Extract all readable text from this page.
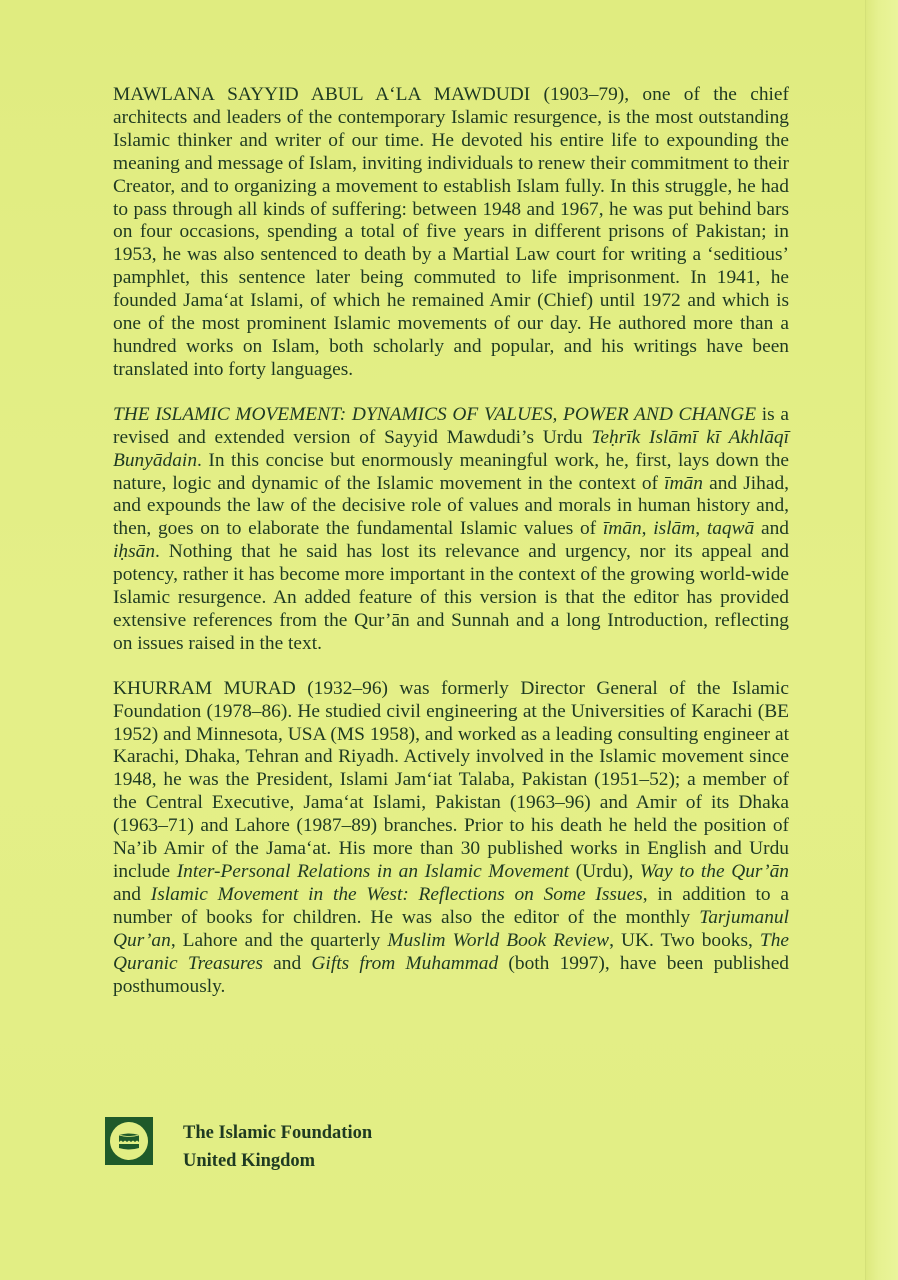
MAWLANA SAYYID ABUL A‘LA MAWDUDI (1903–79), one of the chief architects and leaders of the contemporary Islamic resurgence, is the most outstanding Islamic thinker and writer of our time. He devoted his entire life to expounding the meaning and message of Islam, inviting individuals to renew their commitment to their Creator, and to organizing a movement to establish Islam fully. In this struggle, he had to pass through all kinds of suffering: between 1948 and 1967, he was put behind bars on four occasions, spending a total of five years in different prisons of Pakistan; in 1953, he was also sentenced to death by a Martial Law court for writing a ‘seditious’ pamphlet, this sentence later being commuted to life imprisonment. In 1941, he founded Jama‘at Islami, of which he remained Amir (Chief) until 1972 and which is one of the most prominent Islamic movements of our day. He authored more than a hundred works on Islam, both scholarly and popular, and his writings have been translated into forty languages.

THE ISLAMIC MOVEMENT: DYNAMICS OF VALUES, POWER AND CHANGE is a revised and extended version of Sayyid Mawdudi’s Urdu Teḥrīk Islāmī kī Akhlāqī Bunyādain. In this concise but enormously meaningful work, he, first, lays down the nature, logic and dynamic of the Islamic movement in the context of īmān and Jihad, and expounds the law of the decisive role of values and morals in human history and, then, goes on to elaborate the fundamental Islamic values of īmān, islām, taqwā and iḥsān. Nothing that he said has lost its relevance and urgency, nor its appeal and potency, rather it has become more important in the context of the growing world-wide Islamic resurgence. An added feature of this version is that the editor has provided extensive references from the Qur’ān and Sunnah and a long Introduction, reflecting on issues raised in the text.

KHURRAM MURAD (1932–96) was formerly Director General of the Islamic Foundation (1978–86). He studied civil engineering at the Universities of Karachi (BE 1952) and Minnesota, USA (MS 1958), and worked as a leading consulting engineer at Karachi, Dhaka, Tehran and Riyadh. Actively involved in the Islamic movement since 1948, he was the President, Islami Jam‘iat Talaba, Pakistan (1951–52); a member of the Central Executive, Jama‘at Islami, Pakistan (1963–96) and Amir of its Dhaka (1963–71) and Lahore (1987–89) branches. Prior to his death he held the position of Na’ib Amir of the Jama‘at. His more than 30 published works in English and Urdu include Inter-Personal Relations in an Islamic Movement (Urdu), Way to the Qur’ān and Islamic Movement in the West: Reflections on Some Issues, in addition to a number of books for children. He was also the editor of the monthly Tarjumanul Qur’an, Lahore and the quarterly Muslim World Book Review, UK. Two books, The Quranic Treasures and Gifts from Muhammad (both 1997), have been published posthumously.

The Islamic Foundation
United Kingdom
